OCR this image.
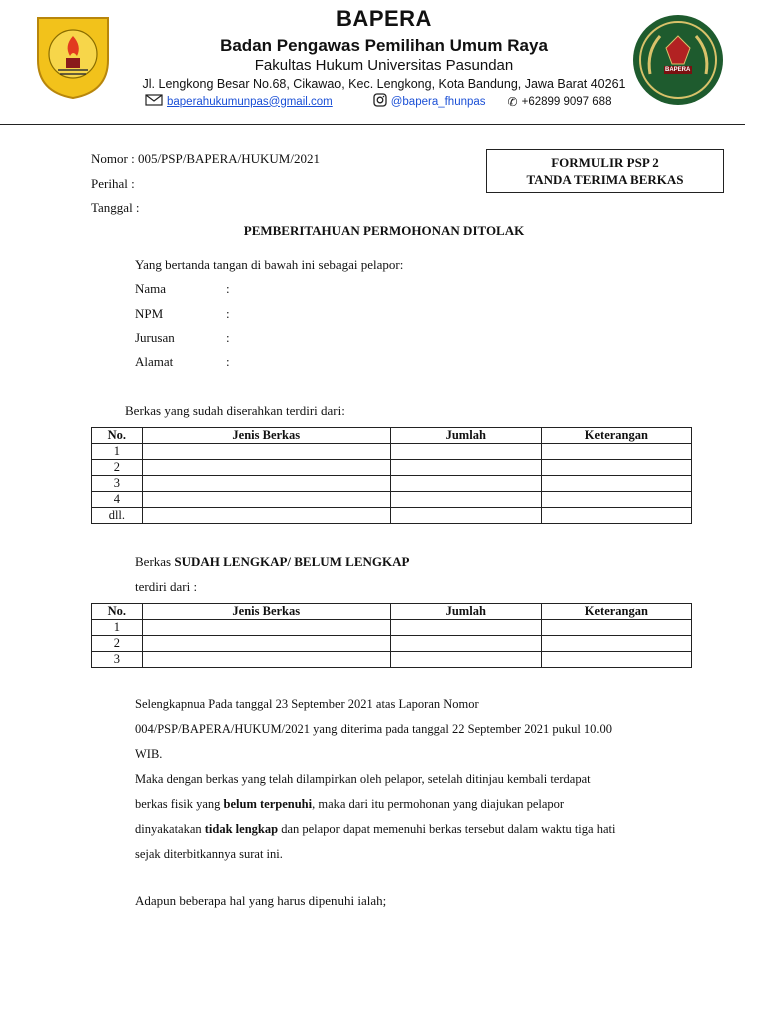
BAPERA
BAPERA
Badan Pengawas Pemilihan Umum Raya
Fakultas Hukum Universitas Pasundan
Jl. Lengkong Besar No.68, Cikawao, Kec. Lengkong, Kota Bandung, Jawa Barat 40261
baperahukumunpas@gmail.com	@bapera_fhunpas ✆ +62899 9097 688
Nomor : 005/PSP/BAPERA/HUKUM/2021
Perihal :
Tanggal :
FORMULIR PSP 2
TANDA TERIMA BERKAS
PEMBERITAHUAN PERMOHONAN DITOLAK
Yang bertanda tangan di bawah ini sebagai pelapor:
Nama	:
NPM	:
Jurusan	:
Alamat	:
Berkas yang sudah diserahkan terdiri dari:
No.	Jenis Berkas	Jumlah	Keterangan
1			
2			
3			
4			
dll.			
Berkas SUDAH LENGKAP/ BELUM LENGKAP
terdiri dari :
No.	Jenis Berkas	Jumlah	Keterangan
1			
2			
3			
Selengkapnua Pada tanggal 23 September 2021 atas Laporan Nomor
004/PSP/BAPERA/HUKUM/2021 yang diterima pada tanggal 22 September 2021 pukul 10.00
WIB.
Maka dengan berkas yang telah dilampirkan oleh pelapor, setelah ditinjau kembali terdapat
berkas fisik yang belum terpenuhi, maka dari itu permohonan yang diajukan pelapor
dinyakatakan tidak lengkap dan pelapor dapat memenuhi berkas tersebut dalam waktu tiga hati
sejak diterbitkannya surat ini.
Adapun beberapa hal yang harus dipenuhi ialah;
